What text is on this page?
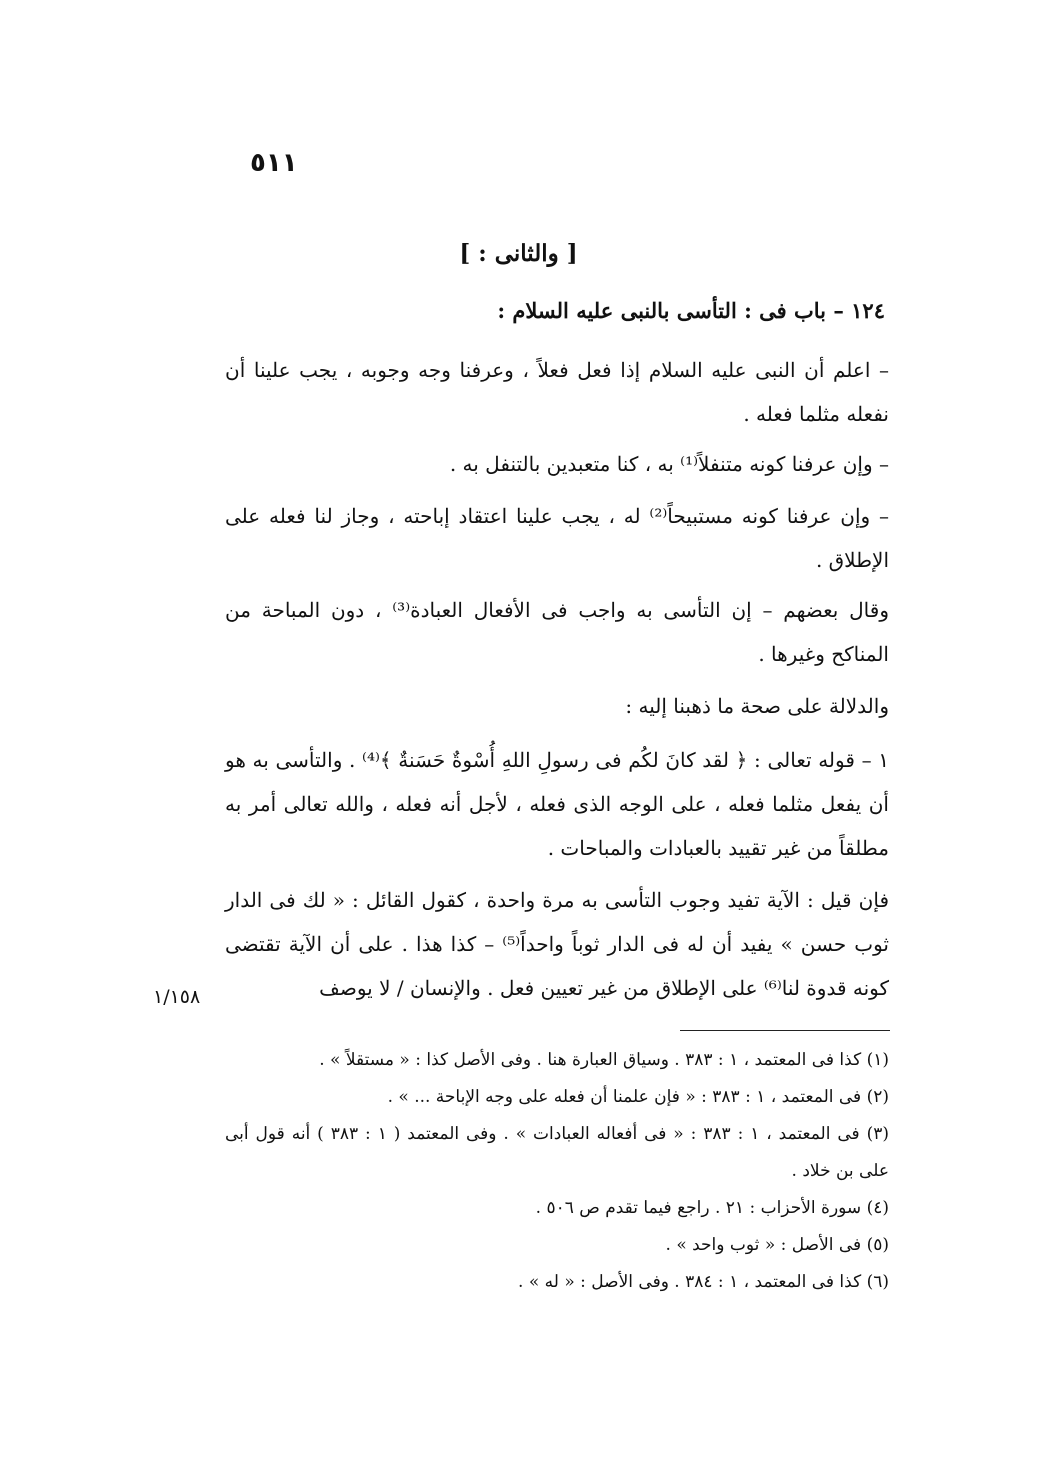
٥١١
[ والثانى : ]
١٢٤ – باب فى : التأسى بالنبى عليه السلام :
– اعلم أن النبى عليه السلام إذا فعل فعلاً ، وعرفنا وجه وجوبه ، يجب علينا أن نفعله مثلما فعله .
– وإن عرفنا كونه متنفلاً⁽¹⁾ به ، كنا متعبدين بالتنفل به .
– وإن عرفنا كونه مستبيحاً⁽²⁾ له ، يجب علينا اعتقاد إباحته ، وجاز لنا فعله على الإطلاق .
وقال بعضهم – إن التأسى به واجب فى الأفعال العبادة⁽³⁾ ، دون المباحة من المناكح وغيرها .
والدلالة على صحة ما ذهبنا إليه :
١ – قوله تعالى : ﴿ لقد كانَ لكُم فى رسولِ اللهِ أُسْوةٌ حَسَنةٌ ﴾⁽⁴⁾ . والتأسى به هو أن يفعل مثلما فعله ، على الوجه الذى فعله ، لأجل أنه فعله ، والله تعالى أمر به مطلقاً من غير تقييد بالعبادات والمباحات .
فإن قيل : الآية تفيد وجوب التأسى به مرة واحدة ، كقول القائل : « لك فى الدار ثوب حسن » يفيد أن له فى الدار ثوباً واحداً⁽⁵⁾ – كذا هذا . على أن الآية تقتضى كونه قدوة لنا⁽⁶⁾ على الإطلاق من غير تعيين فعل . والإنسان / لا يوصف
١/١٥٨
(١) كذا فى المعتمد ، ١ : ٣٨٣ . وسياق العبارة هنا . وفى الأصل كذا : « مستقلاً » .
(٢) فى المعتمد ، ١ : ٣٨٣ : « فإن علمنا أن فعله على وجه الإباحة ... » .
(٣) فى المعتمد ، ١ : ٣٨٣ : « فى أفعاله العبادات » . وفى المعتمد ( ١ : ٣٨٣ ) أنه قول أبى على بن خلاد .
(٤) سورة الأحزاب : ٢١ . راجع فيما تقدم ص ٥٠٦ .
(٥) فى الأصل : « ثوب واحد » .
(٦) كذا فى المعتمد ، ١ : ٣٨٤ . وفى الأصل : « له » .
